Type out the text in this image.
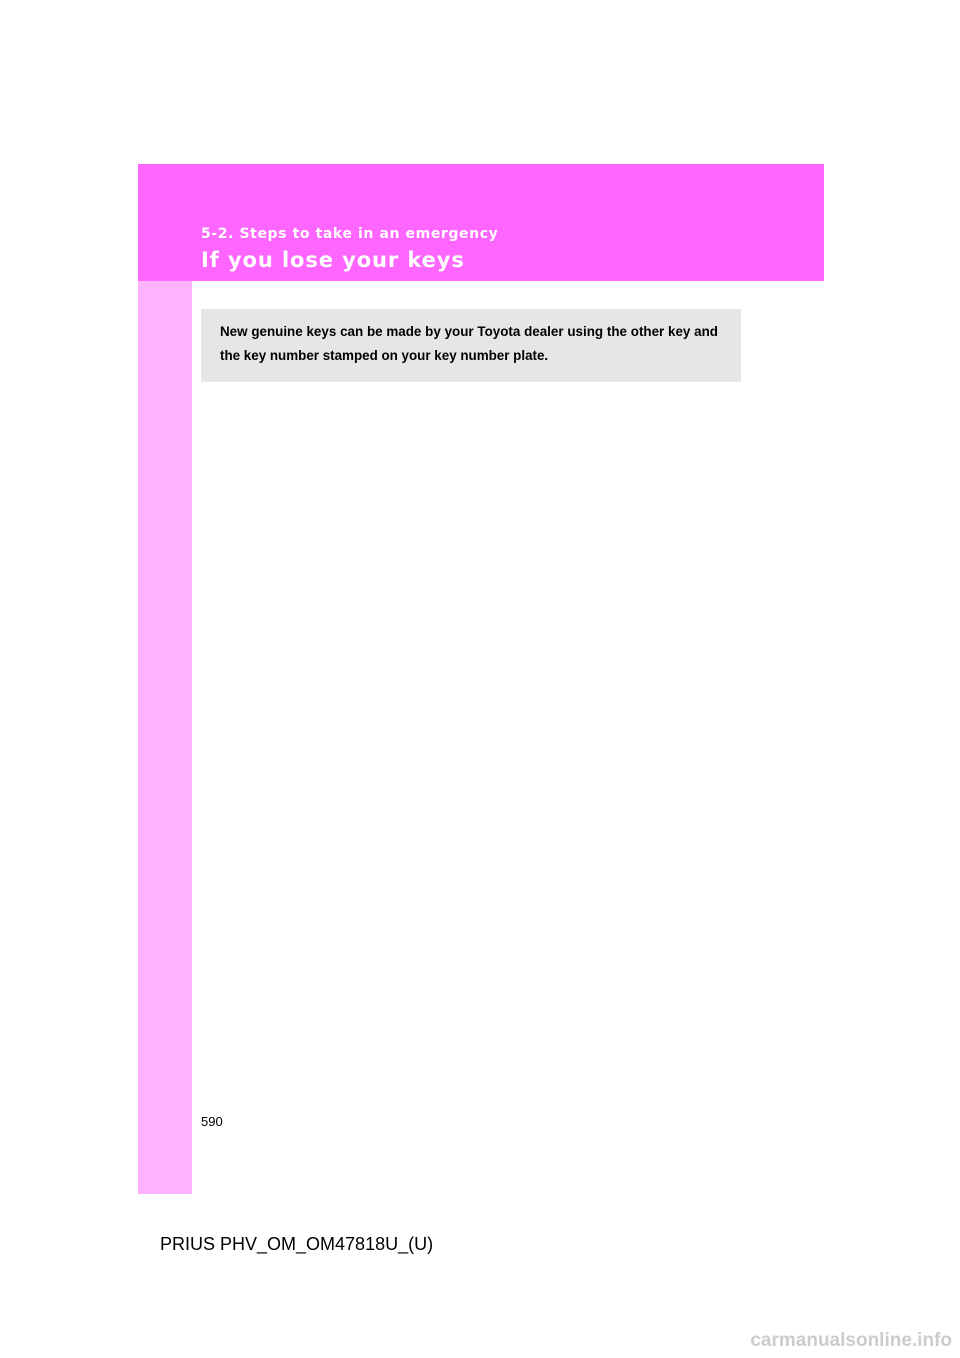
5-2. Steps to take in an emergency
If you lose your keys
New genuine keys can be made by your Toyota dealer using the other key and the key number stamped on your key number plate.
590
PRIUS PHV_OM_OM47818U_(U)
carmanualsonline.info
